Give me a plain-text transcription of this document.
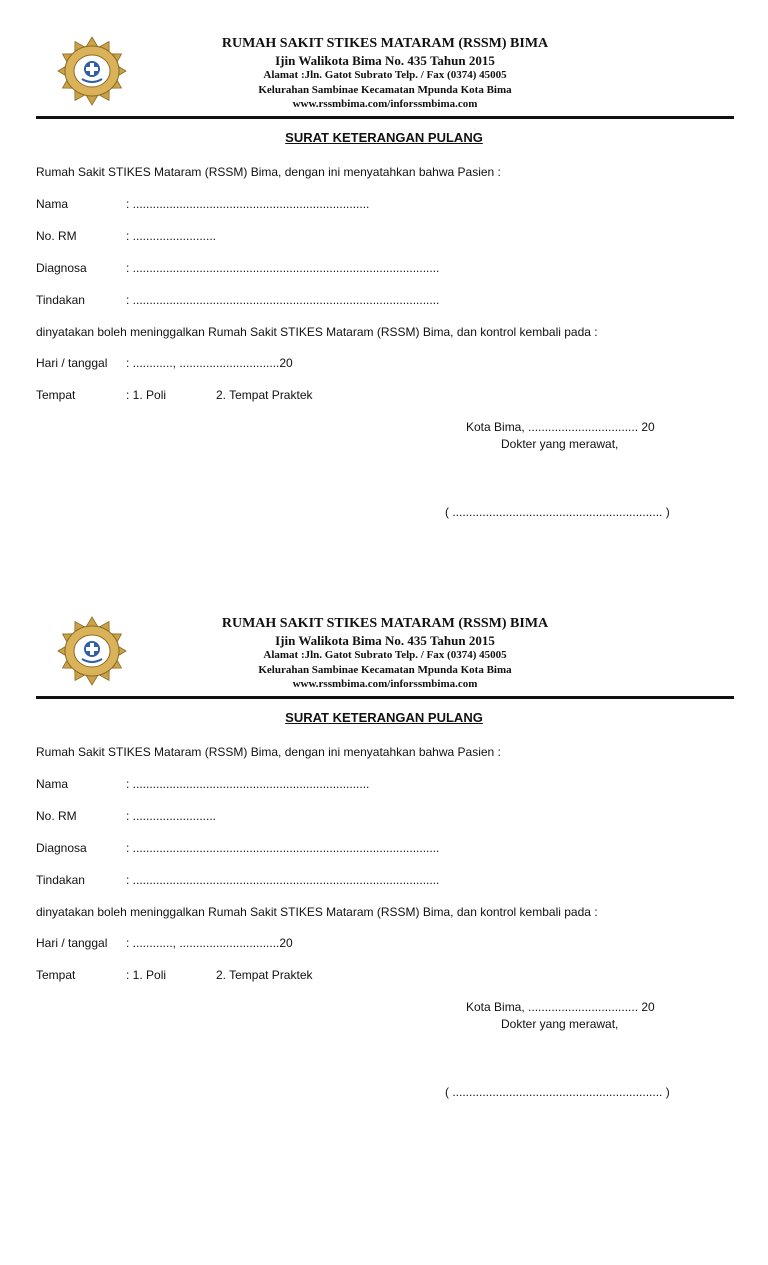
RUMAH SAKIT STIKES MATARAM (RSSM) BIMA
Ijin Walikota Bima No. 435 Tahun 2015
Alamat :Jln. Gatot Subrato Telp. / Fax (0374) 45005
Kelurahan Sambinae Kecamatan Mpunda Kota Bima
www.rssmbima.com/inforssmbima.com
SURAT KETERANGAN PULANG
Rumah Sakit STIKES Mataram (RSSM) Bima, dengan ini menyatahkan bahwa Pasien :
Nama	: .......................................................................
No. RM	: .........................
Diagnosa	: ............................................................................................
Tindakan	: ............................................................................................
dinyatakan boleh meninggalkan Rumah Sakit STIKES Mataram (RSSM) Bima, dan kontrol kembali pada :
Hari / tanggal : ............, ..............................20
Tempat	: 1. Poli	2. Tempat Praktek
Kota Bima, ................................. 20
Dokter yang merawat,
( ............................................................... )
RUMAH SAKIT STIKES MATARAM (RSSM) BIMA
Ijin Walikota Bima No. 435 Tahun 2015
Alamat :Jln. Gatot Subrato Telp. / Fax (0374) 45005
Kelurahan Sambinae Kecamatan Mpunda Kota Bima
www.rssmbima.com/inforssmbima.com
SURAT KETERANGAN PULANG
Rumah Sakit STIKES Mataram (RSSM) Bima, dengan ini menyatahkan bahwa Pasien :
Nama	: .......................................................................
No. RM	: .........................
Diagnosa	: ............................................................................................
Tindakan	: ............................................................................................
dinyatakan boleh meninggalkan Rumah Sakit STIKES Mataram (RSSM) Bima, dan kontrol kembali pada :
Hari / tanggal : ............, ..............................20
Tempat	: 1. Poli	2. Tempat Praktek
Kota Bima, ................................. 20
Dokter yang merawat,
( ............................................................... )
